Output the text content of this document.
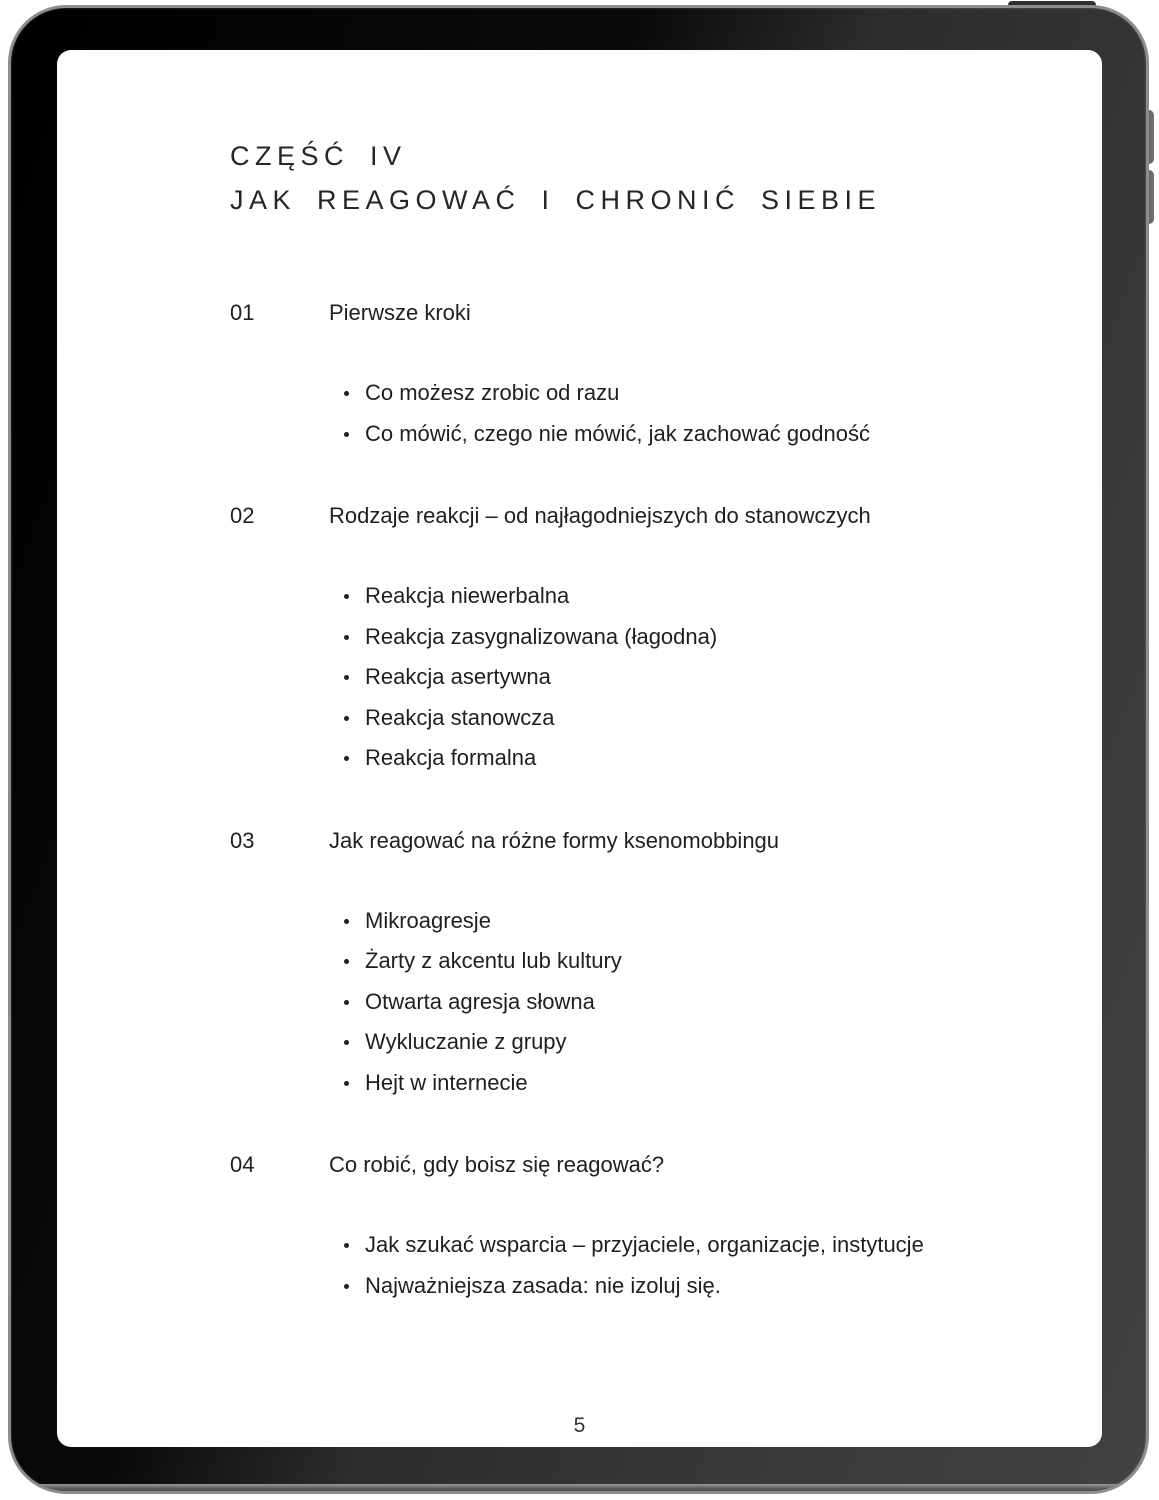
CZĘŚĆ IV
JAK REAGOWAĆ I CHRONIĆ SIEBIE
01	Pierwsze kroki
Co możesz zrobic od razu
Co mówić, czego nie mówić, jak zachować godność
02	Rodzaje reakcji – od najłagodniejszych do stanowczych
Reakcja niewerbalna
Reakcja zasygnalizowana (łagodna)
Reakcja asertywna
Reakcja stanowcza
Reakcja formalna
03	Jak reagować na różne formy ksenomobbingu
Mikroagresje
Żarty z akcentu lub kultury
Otwarta agresja słowna
Wykluczanie z grupy
Hejt w internecie
04	Co robić, gdy boisz się reagować?
Jak szukać wsparcia – przyjaciele, organizacje, instytucje
Najważniejsza zasada: nie izoluj się.
5
